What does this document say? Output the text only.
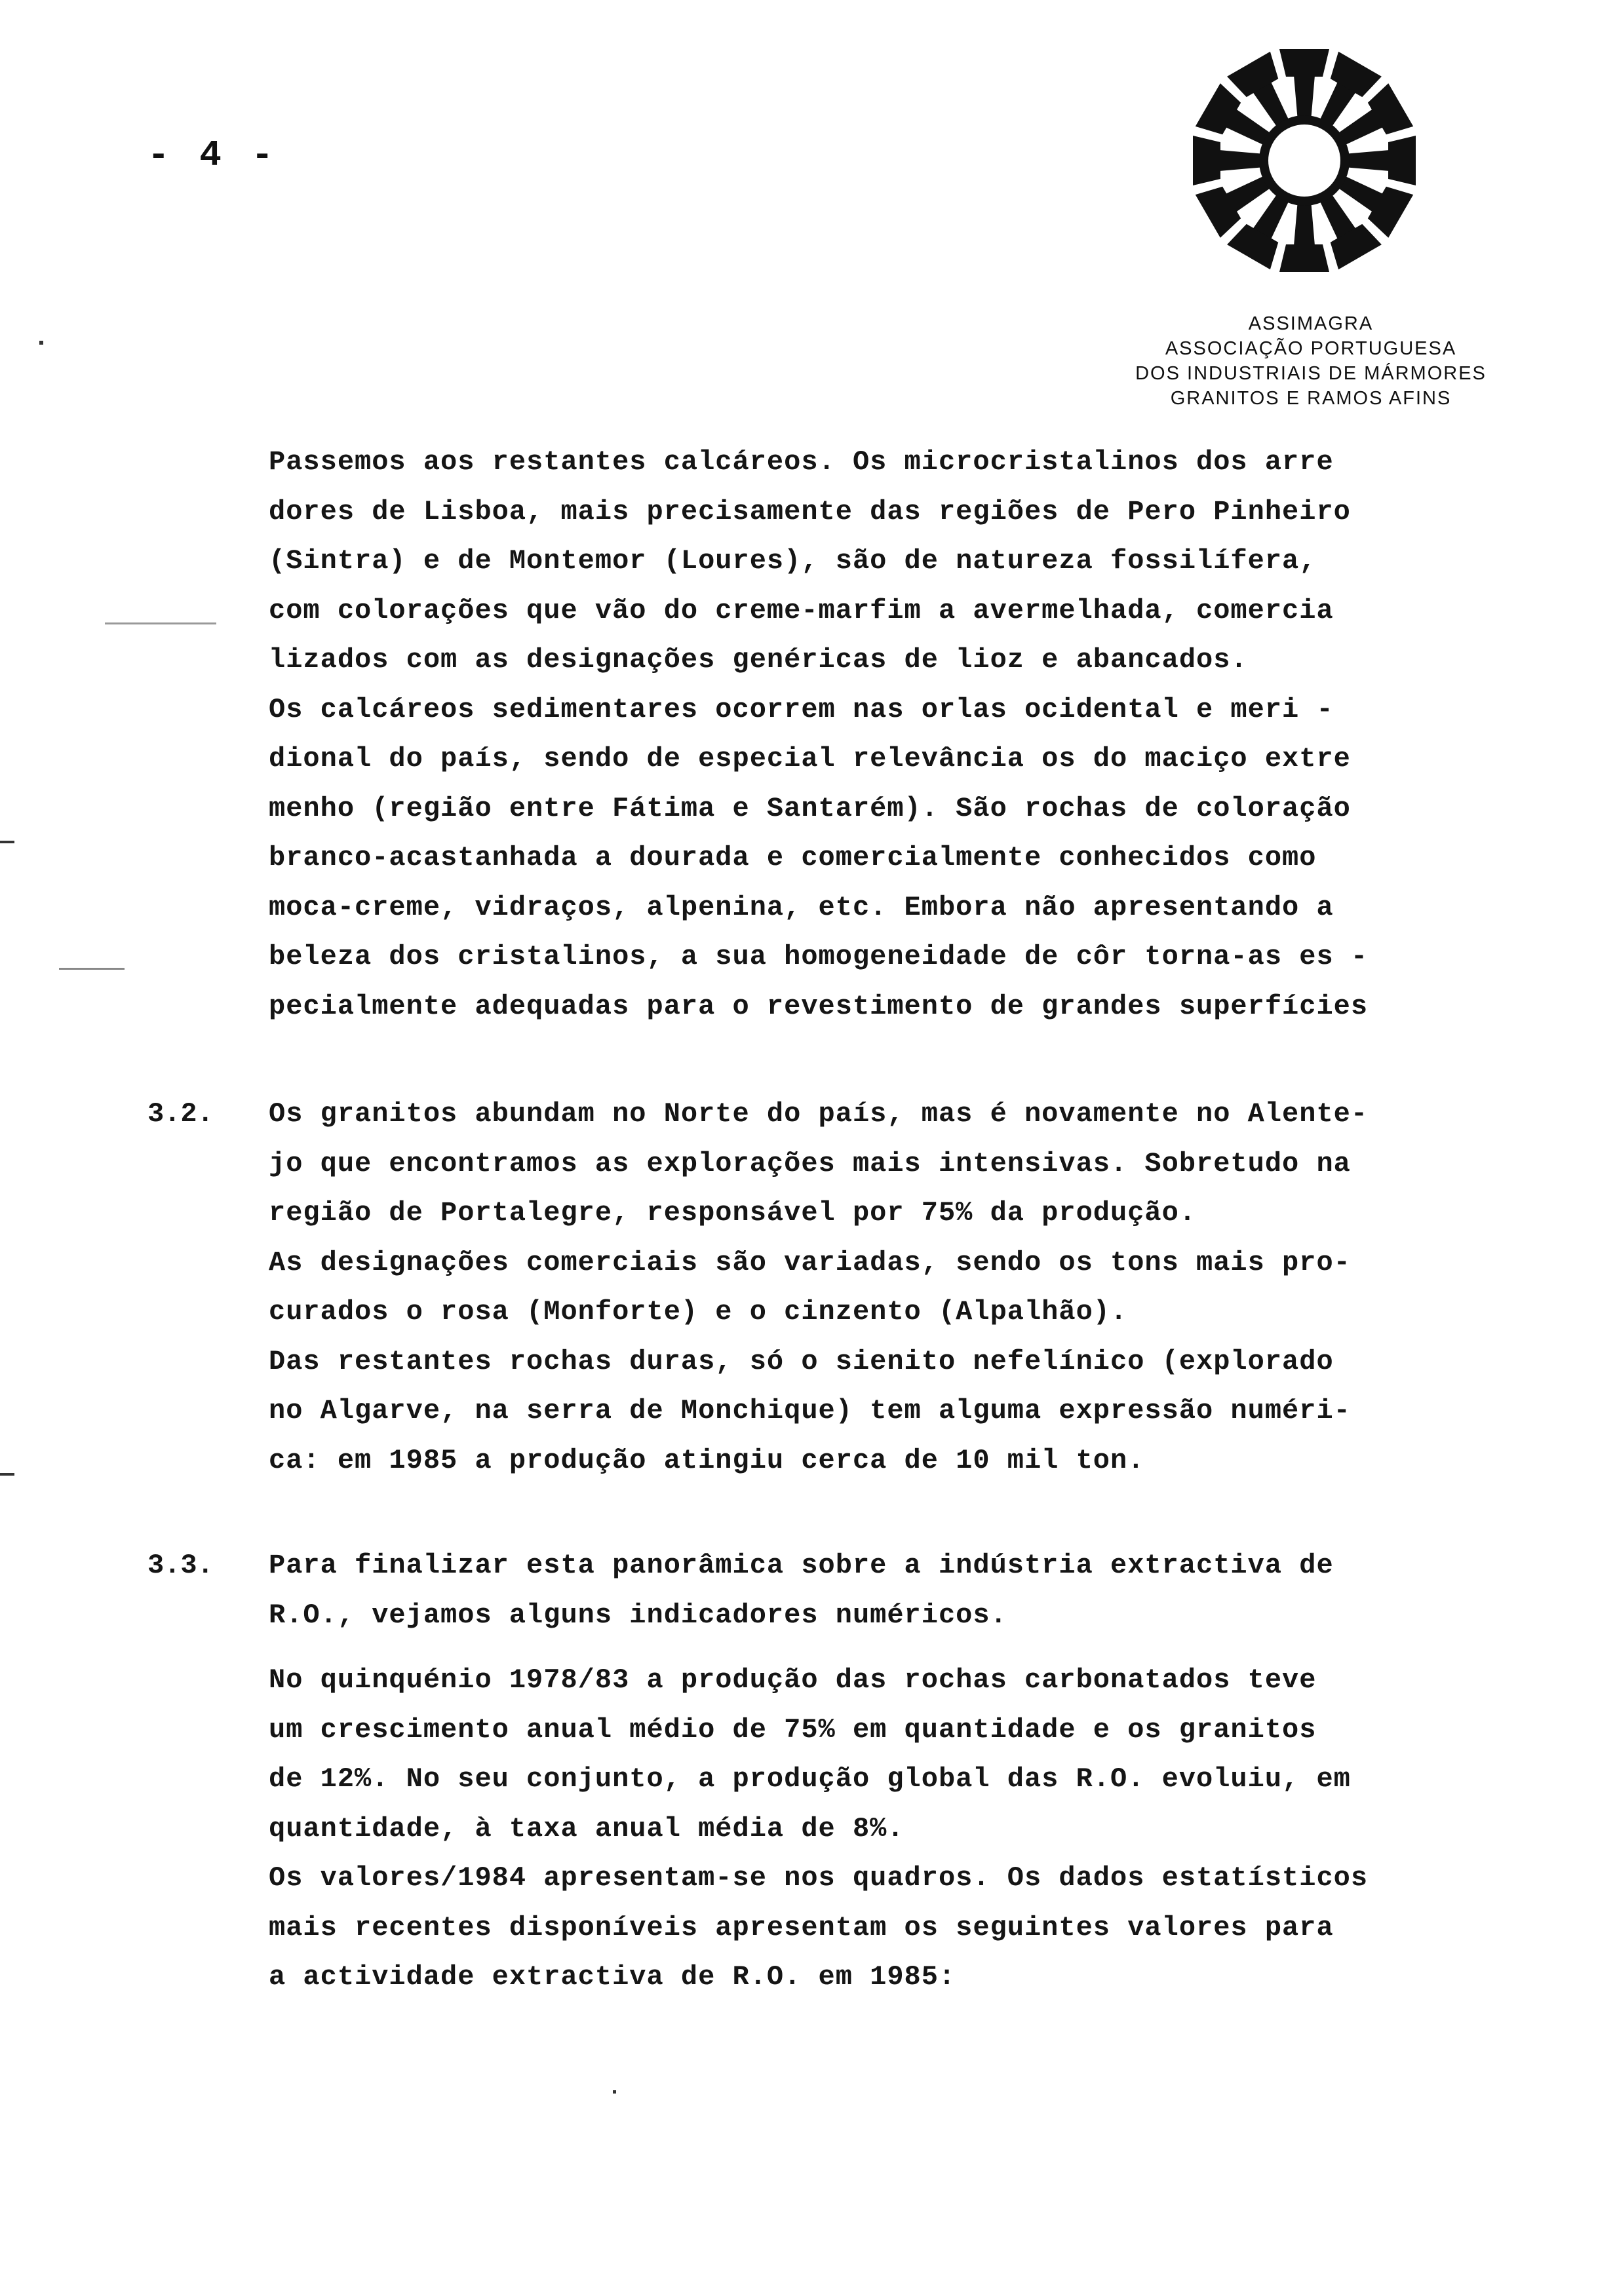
- 4 -
ASSIMAGRA
ASSOCIAÇÃO PORTUGUESA
DOS INDUSTRIAIS DE MÁRMORES
GRANITOS E RAMOS AFINS
Passemos aos restantes calcáreos. Os microcristalinos dos arre
dores de Lisboa, mais precisamente das regiões de Pero Pinheiro
(Sintra) e de Montemor (Loures), são de natureza fossilífera,
com colorações que vão do creme-marfim a avermelhada, comercia
lizados com as designações genéricas de lioz e abancados.
Os calcáreos sedimentares ocorrem nas orlas ocidental e meri -
dional do país, sendo de especial relevância os do maciço extre
menho (região entre Fátima e Santarém). São rochas de coloração
branco-acastanhada a dourada e comercialmente conhecidos como
moca-creme, vidraços, alpenina, etc. Embora não apresentando a
beleza dos cristalinos, a sua homogeneidade de côr torna-as es -
pecialmente adequadas para o revestimento de grandes superfícies
3.2. Os granitos abundam no Norte do país, mas é novamente no Alente-
jo que encontramos as explorações mais intensivas. Sobretudo na
região de Portalegre, responsável por 75% da produção.
As designações comerciais são variadas, sendo os tons mais pro-
curados o rosa (Monforte) e o cinzento (Alpalhão).
Das restantes rochas duras, só o sienito nefelínico (explorado
no Algarve, na serra de Monchique) tem alguma expressão numéri-
ca: em 1985 a produção atingiu cerca de 10 mil ton.
3.3. Para finalizar esta panorâmica sobre a indústria extractiva de
R.O., vejamos alguns indicadores numéricos.
No quinquénio 1978/83 a produção das rochas carbonatados teve
um crescimento anual médio de 75% em quantidade e os granitos
de 12%. No seu conjunto, a produção global das R.O. evoluiu, em
quantidade, à taxa anual média de 8%.
Os valores/1984 apresentam-se nos quadros. Os dados estatísticos
mais recentes disponíveis apresentam os seguintes valores para
a actividade extractiva de R.O. em 1985:
